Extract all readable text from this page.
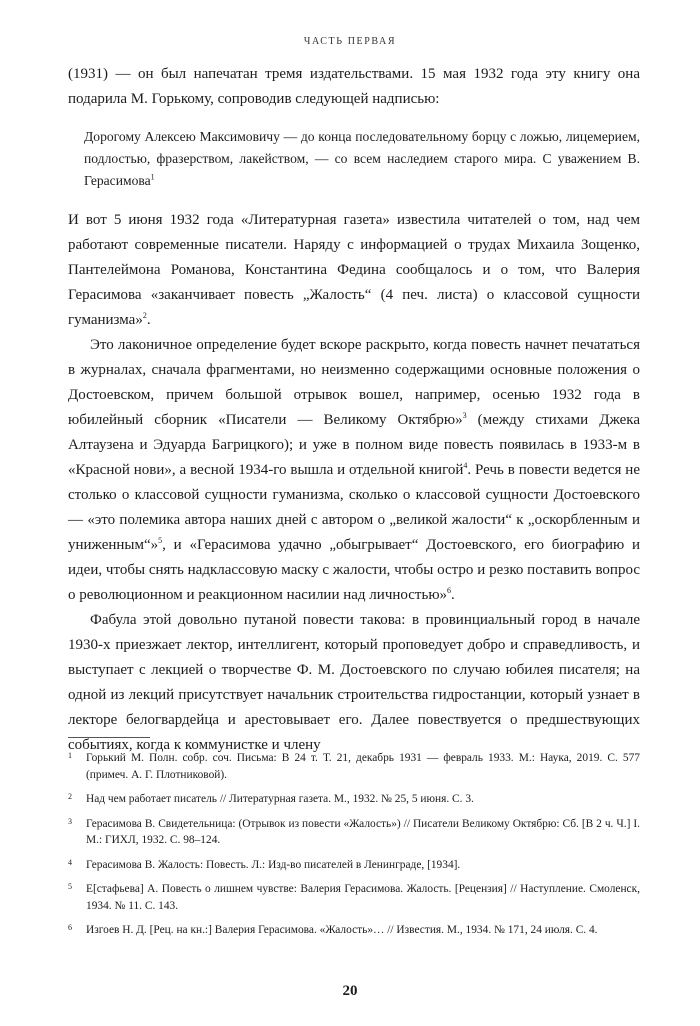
ЧАСТЬ ПЕРВАЯ

(1931) — он был напечатан тремя издательствами. 15 мая 1932 года эту книгу она подарила М. Горькому, сопроводив следующей надписью:

Дорогому Алексею Максимовичу — до конца последовательному борцу с ложью, лицемерием, подлостью, фразерством, лакейством, — со всем наследием старого мира. С уважением В. Герасимова$^1$

И вот 5 июня 1932 года «Литературная газета» известила читателей о том, над чем работают современные писатели. Наряду с информацией о трудах Михаила Зощенко, Пантелеймона Романова, Константина Федина сообщалось и о том, что Валерия Герасимова «заканчивает повесть „Жалость“ (4 печ. листа) о классовой сущности гуманизма»$^2$.

Это лаконичное определение будет вскоре раскрыто, когда повесть начнет печататься в журналах, сначала фрагментами, но неизменно содержащими основные положения о Достоевском, причем большой отрывок вошел, например, осенью 1932 года в юбилейный сборник «Писатели — Великому Октябрю»$^3$ (между стихами Джека Алтаузена и Эдуарда Багрицкого); и уже в полном виде повесть появилась в 1933-м в «Красной нови», а весной 1934-го вышла и отдельной книгой$^4$. Речь в повести ведется не столько о классовой сущности гуманизма, сколько о классовой сущности Достоевского — «это полемика автора наших дней с автором о „великой жалости“ к „оскорбленным и униженным“»$^5$, и «Герасимова удачно „обыгрывает“ Достоевского, его биографию и идеи, чтобы снять надклассовую маску с жалости, чтобы остро и резко поставить вопрос о революционном и реакционном насилии над личностью»$^6$.

Фабула этой довольно путаной повести такова: в провинциальный город в начале 1930-х приезжает лектор, интеллигент, который проповедует добро и справедливость, и выступает с лекцией о творчестве Ф. М. Достоевского по случаю юбилея писателя; на одной из лекций присутствует начальник строительства гидростанции, который узнает в лекторе белогвардейца и арестовывает его. Далее повествуется о предшествующих событиях, когда к коммунистке и члену

1	Горький М. Полн. собр. соч. Письма: В 24 т. Т. 21, декабрь 1931 — февраль 1933. М.: Наука, 2019. С. 577 (примеч. А. Г. Плотниковой).
2	Над чем работает писатель // Литературная газета. М., 1932. № 25, 5 июня. С. 3.
3	Герасимова В. Свидетельница: (Отрывок из повести «Жалость») // Писатели Великому Октябрю: Сб. [В 2 ч. Ч.] I. М.: ГИХЛ, 1932. С. 98–124.
4	Герасимова В. Жалость: Повесть. Л.: Изд-во писателей в Ленинграде, [1934].
5	Е[стафьева] А. Повесть о лишнем чувстве: Валерия Герасимова. Жалость. [Рецензия] // Наступление. Смоленск, 1934. № 11. С. 143.
6	Изгоев Н. Д. [Рец. на кн.:] Валерия Герасимова. «Жалость»… // Известия. М., 1934. № 171, 24 июля. С. 4.
20
